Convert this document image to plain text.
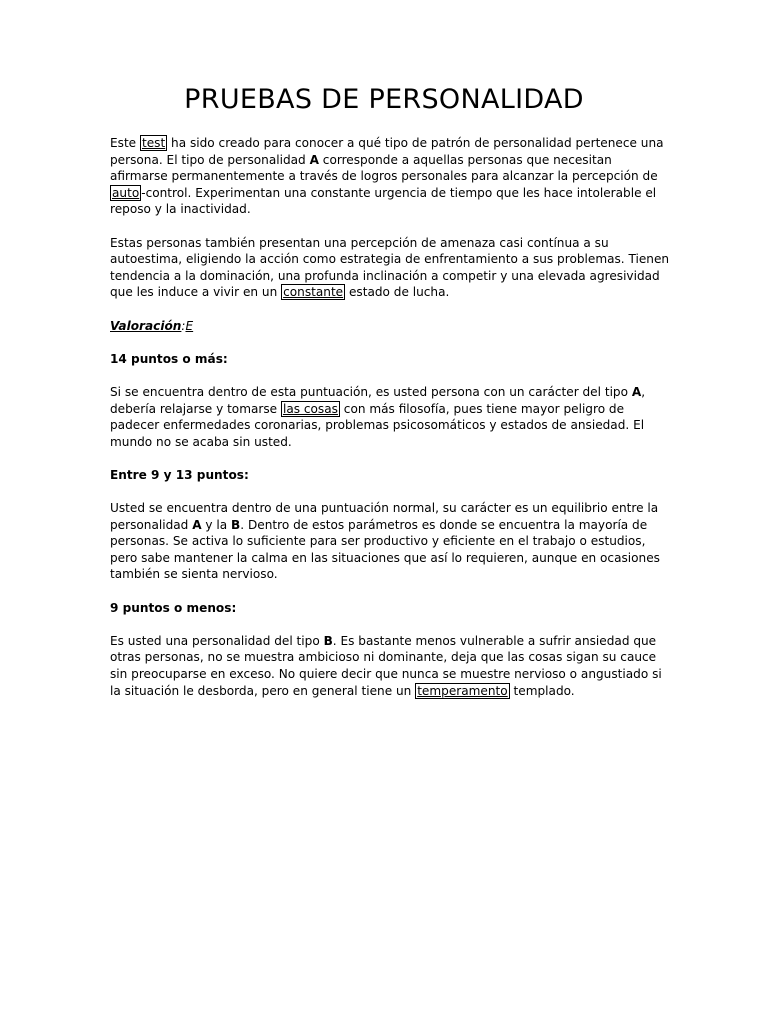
PRUEBAS DE PERSONALIDAD

Este test ha sido creado para conocer a qué tipo de patrón de personalidad pertenece una persona. El tipo de personalidad A corresponde a aquellas personas que necesitan afirmarse permanentemente a través de logros personales para alcanzar la percepción de auto -control. Experimentan una constante urgencia de tiempo que les hace intolerable el reposo y la inactividad.

Estas personas también presentan una percepción de amenaza casi contínua a su autoestima, eligiendo la acción como estrategia de enfrentamiento a sus problemas. Tienen tendencia a la dominación, una profunda inclinación a competir y una elevada agresividad que les induce a vivir en un constante estado de lucha.

Valoración:E

14 puntos o más:

Si se encuentra dentro de esta puntuación, es usted persona con un carácter del tipo A, debería relajarse y tomarse las cosas con más filosofía, pues tiene mayor peligro de padecer enfermedades coronarias, problemas psicosomáticos y estados de ansiedad. El mundo no se acaba sin usted.

Entre 9 y 13 puntos:

Usted se encuentra dentro de una puntuación normal, su carácter es un equilibrio entre la personalidad A y la B. Dentro de estos parámetros es donde se encuentra la mayoría de personas. Se activa lo suficiente para ser productivo y eficiente en el trabajo o estudios, pero sabe mantener la calma en las situaciones que así lo requieren, aunque en ocasiones también se sienta nervioso.

9 puntos o menos:

Es usted una personalidad del tipo B. Es bastante menos vulnerable a sufrir ansiedad que otras personas, no se muestra ambicioso ni dominante, deja que las cosas sigan su cauce sin preocuparse en exceso. No quiere decir que nunca se muestre nervioso o angustiado si la situación le desborda, pero en general tiene un temperamento templado.
